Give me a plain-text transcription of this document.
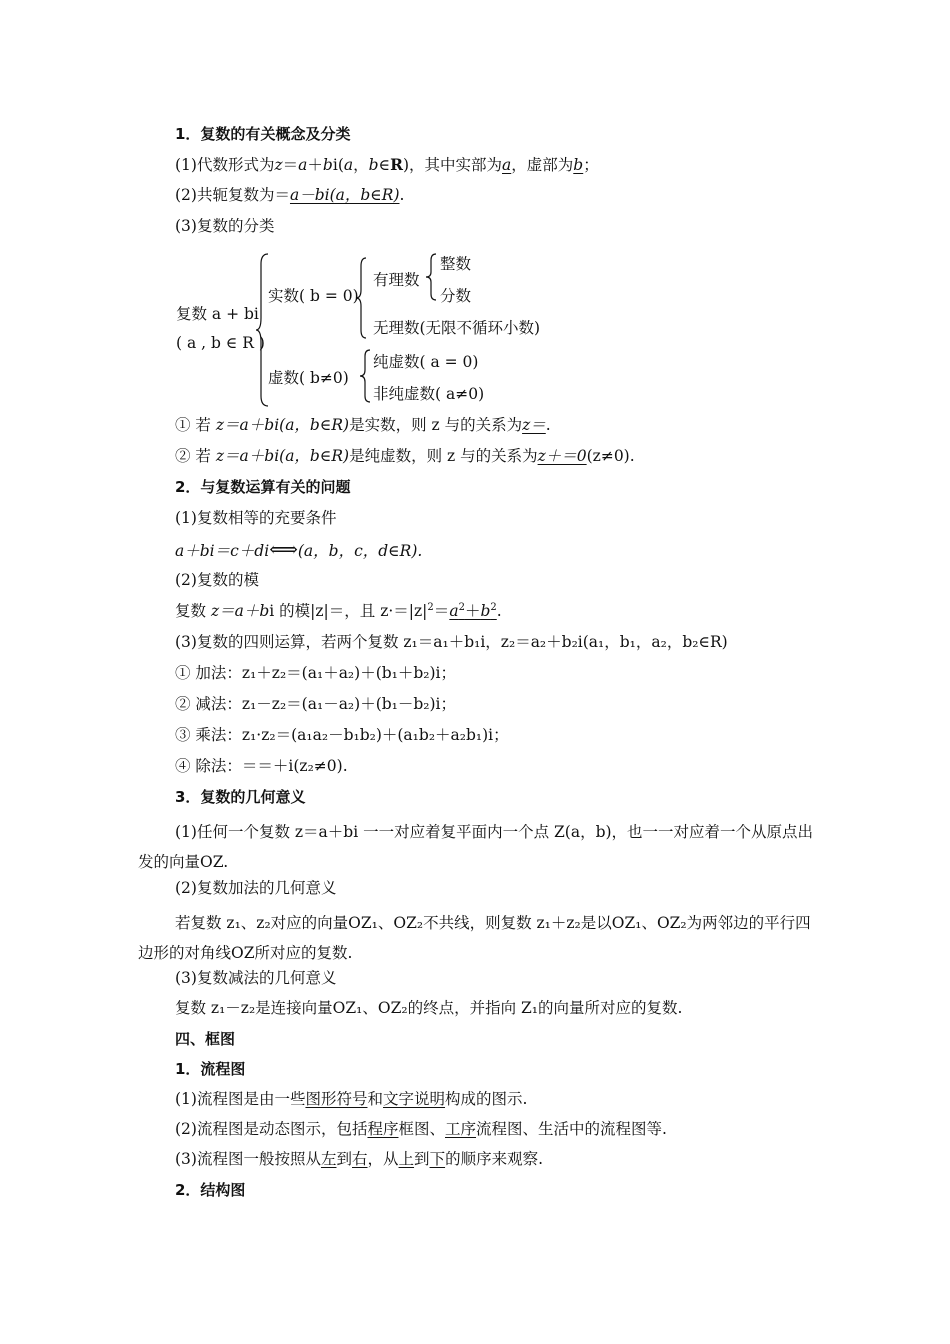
1．复数的有关概念及分类
(1)代数形式为z＝a＋bi(a，b∈R)，其中实部为a，虚部为b；
(2)共轭复数为＝a－bi(a，b∈R).
(3)复数的分类
复数 a + bi
( a , b ∈ R )
实数( b = 0)
有理数
整数
分数
无理数(无限不循环小数)
虚数( b≠0)
纯虚数( a = 0)
非纯虚数( a≠0)
① 若 z＝a＋bi(a，b∈R)是实数，则 z 与的关系为z＝.
② 若 z＝a＋bi(a，b∈R)是纯虚数，则 z 与的关系为z＋＝0(z≠0).
2．与复数运算有关的问题
(1)复数相等的充要条件
a＋bi＝c＋di⟺(a，b，c，d∈R).
(2)复数的模
复数 z＝a＋bi 的模|z|＝，且 $z\cdot=|z|^2=a^2+b^2$.
(3)复数的四则运算，若两个复数 z₁＝a₁＋b₁i，z₂＝a₂＋b₂i(a₁，b₁，a₂，b₂∈R)
① 加法：z₁＋z₂＝(a₁＋a₂)＋(b₁＋b₂)i；
② 减法：z₁－z₂＝(a₁－a₂)＋(b₁－b₂)i；
③ 乘法：z₁·z₂＝(a₁a₂－b₁b₂)＋(a₁b₂＋a₂b₁)i；
④ 除法：＝＝＋i(z₂≠0).
3．复数的几何意义
(1)任何一个复数 z＝a＋bi 一一对应着复平面内一个点 Z(a，b)，也一一对应着一个从原点出发的向量OZ.
(2)复数加法的几何意义
若复数 z₁、z₂对应的向量OZ₁、OZ₂不共线，则复数 z₁＋z₂是以OZ₁、OZ₂为两邻边的平行四边形的对角线OZ所对应的复数.
(3)复数减法的几何意义
复数 z₁－z₂是连接向量OZ₁、OZ₂的终点，并指向 Z₁的向量所对应的复数.
四、框图
1．流程图
(1)流程图是由一些图形符号和文字说明构成的图示.
(2)流程图是动态图示，包括程序框图、工序流程图、生活中的流程图等.
(3)流程图一般按照从左到右，从上到下的顺序来观察.
2．结构图
